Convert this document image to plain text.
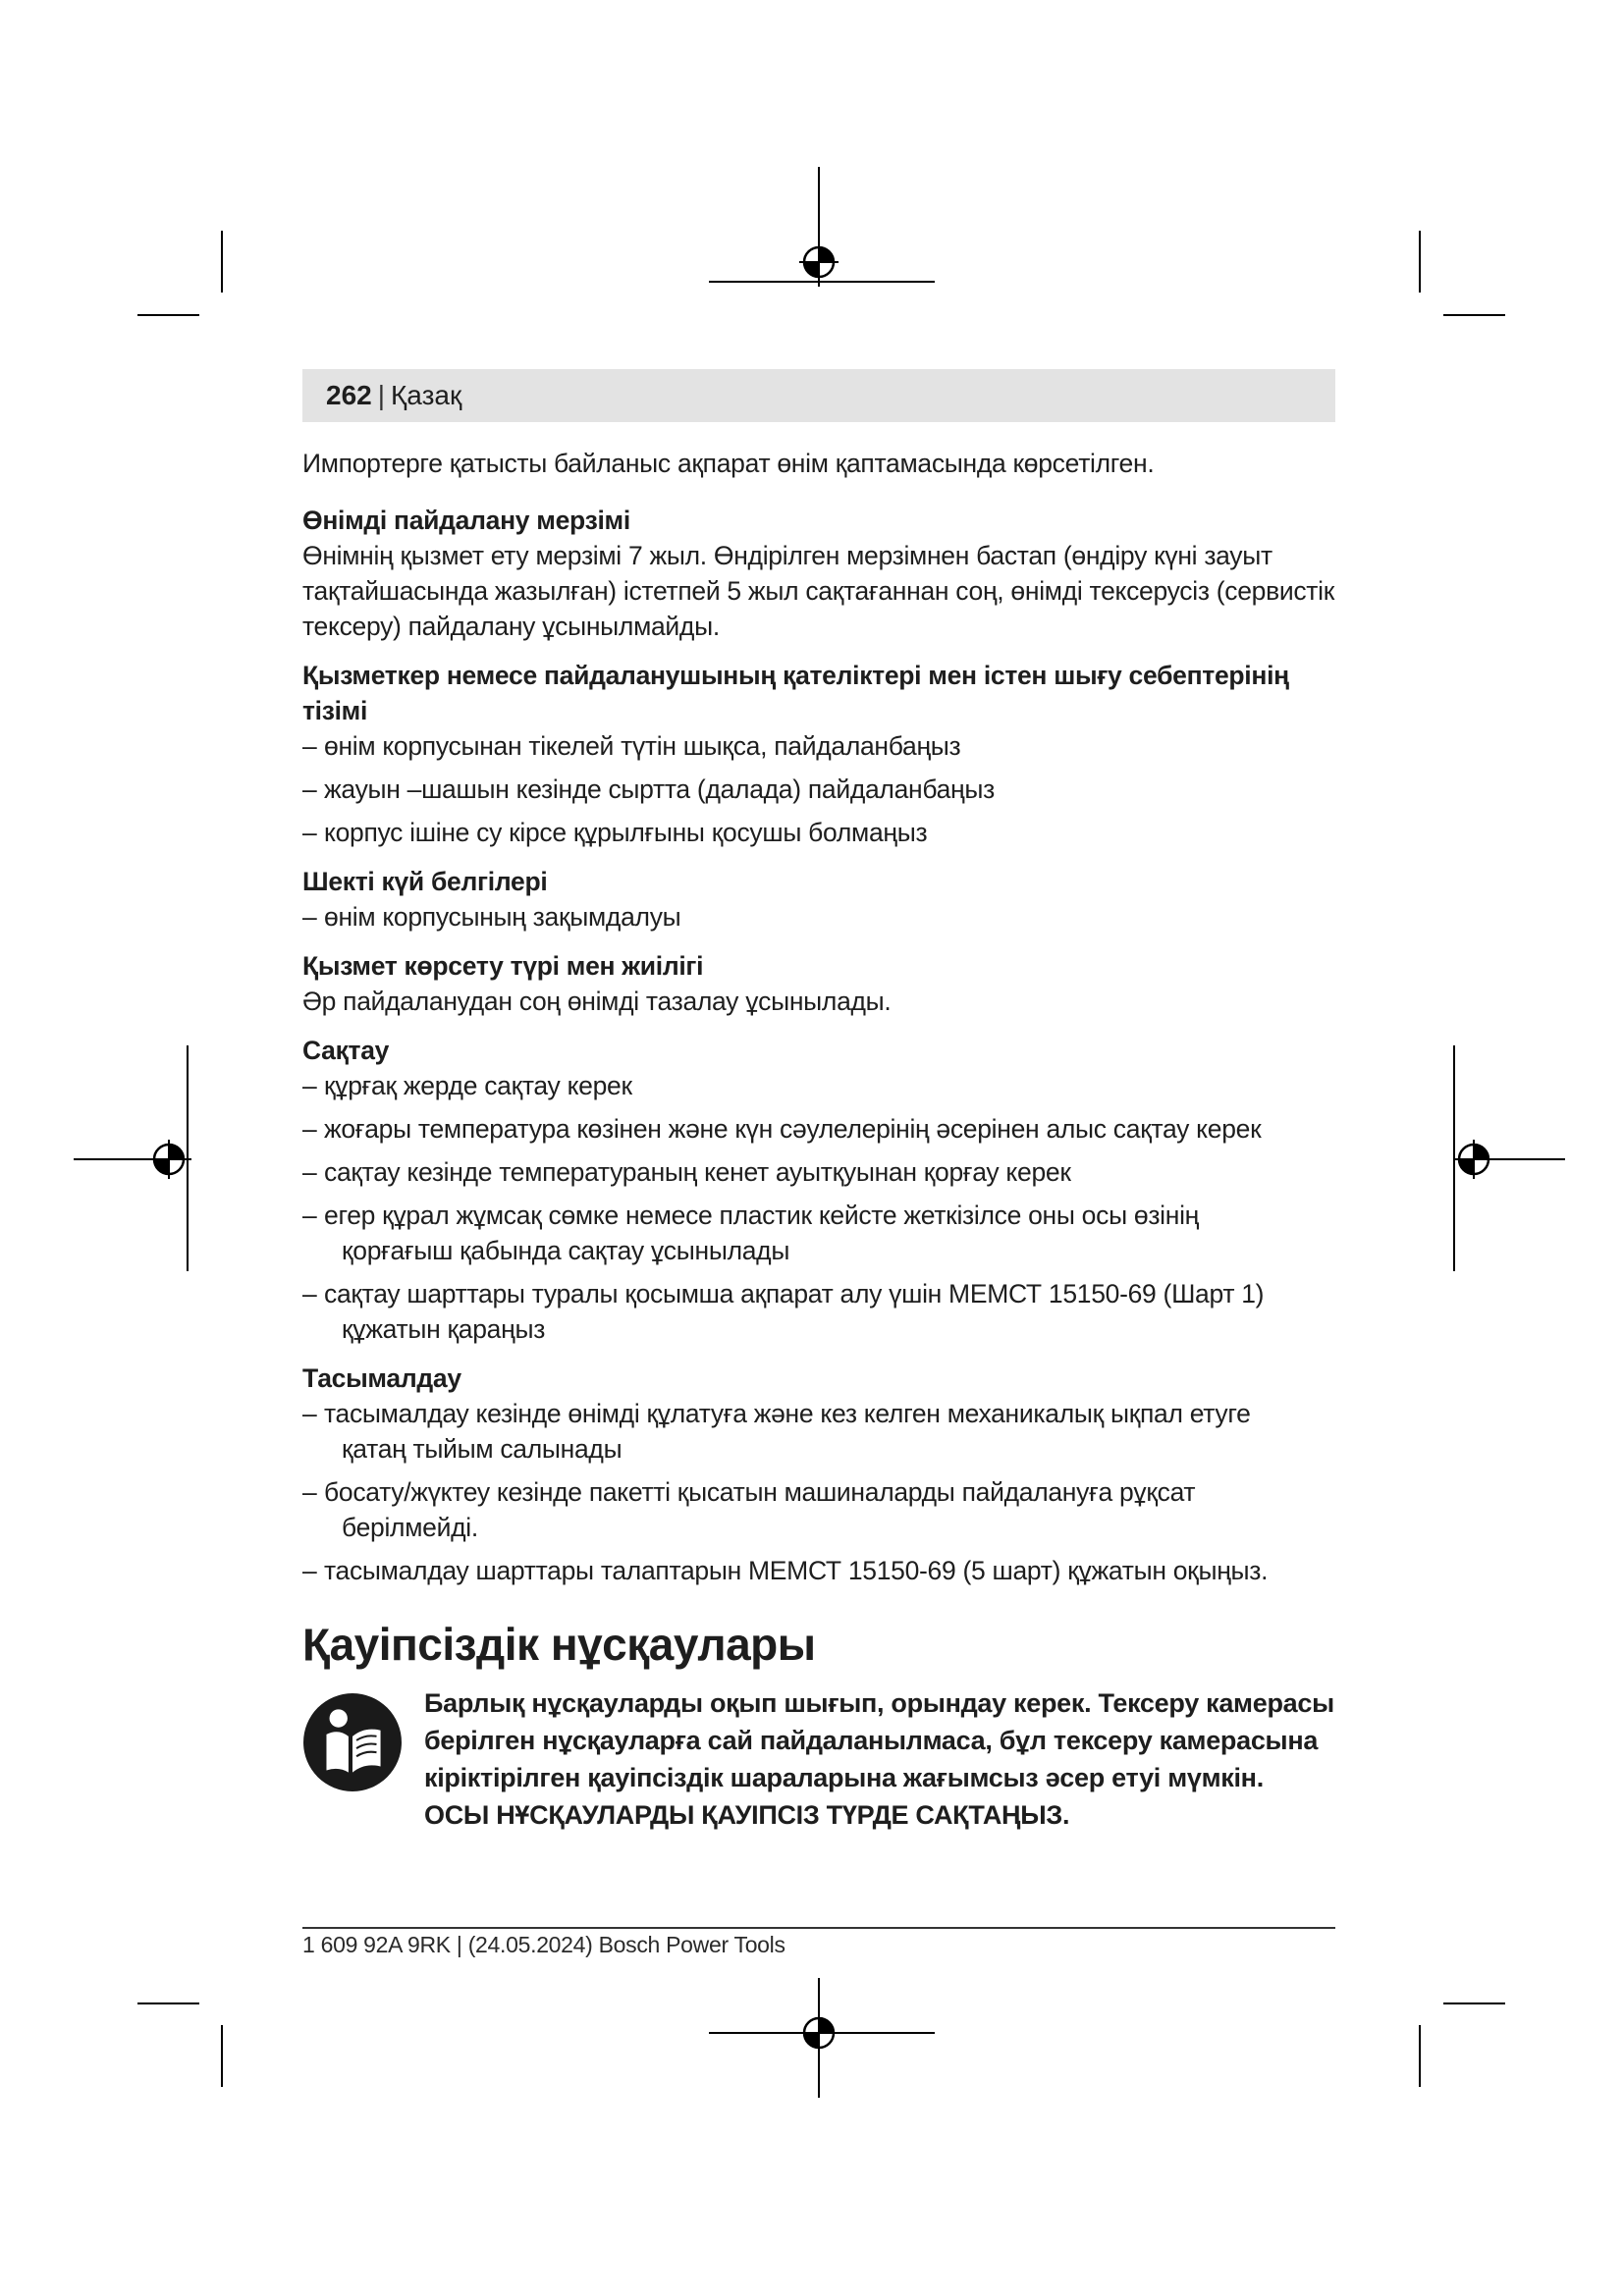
262 | Қазақ

Импортерге қатысты байланыс ақпарат өнім қаптамасында көрсетілген.

Өнімді пайдалану мерзімі

Өнімнің қызмет ету мерзімі 7 жыл. Өндірілген мерзімнен бастап (өндіру күні зауыт тақтайшасында жазылған) істетпей 5 жыл сақтағаннан соң, өнімді тексерусіз (сервистік тексеру) пайдалану ұсынылмайды.

Қызметкер немесе пайдаланушының қателіктері мен істен шығу себептерінің тізімі

– өнім корпусынан тікелей түтін шықса, пайдаланбаңыз
– жауын –шашын кезінде сыртта (далада) пайдаланбаңыз
– корпус ішіне су кірсе құрылғыны қосушы болмаңыз

Шекті күй белгілері

– өнім корпусының зақымдалуы

Қызмет көрсету түрі мен жиілігі

Әр пайдаланудан соң өнімді тазалау ұсынылады.

Сақтау

– құрғақ жерде сақтау керек
– жоғары температура көзінен және күн сәулелерінің әсерінен алыс сақтау керек
– сақтау кезінде температураның кенет ауытқуынан қорғау керек
– егер құрал жұмсақ сөмке немесе пластик кейсте жеткізілсе оны осы өзінің
қорғағыш қабында сақтау ұсынылады
– сақтау шарттары туралы қосымша ақпарат алу үшін МЕМСТ 15150-69 (Шарт 1)
құжатын қараңыз

Тасымалдау

– тасымалдау кезінде өнімді құлатуға және кез келген механикалық ықпал етуге
қатаң тыйым салынады
– босату/жүктеу кезінде пакетті қысатын машиналарды пайдалануға рұқсат
берілмейді.
– тасымалдау шарттары талаптарын МЕМСТ 15150-69 (5 шарт) құжатын оқыңыз.
Қауіпсіздік нұсқаулары

Барлық нұсқауларды оқып шығып, орындау керек. Тексеру камерасы берілген нұсқауларға сай пайдаланылмаса, бұл тексеру камерасына кіріктірілген қауіпсіздік шараларына жағымсыз әсер етуі мүмкін. ОСЫ НҰСҚАУЛАРДЫ ҚАУІПСІЗ ТҮРДЕ САҚТАҢЫЗ.

1 609 92A 9RK | (24.05.2024) Bosch Power Tools
